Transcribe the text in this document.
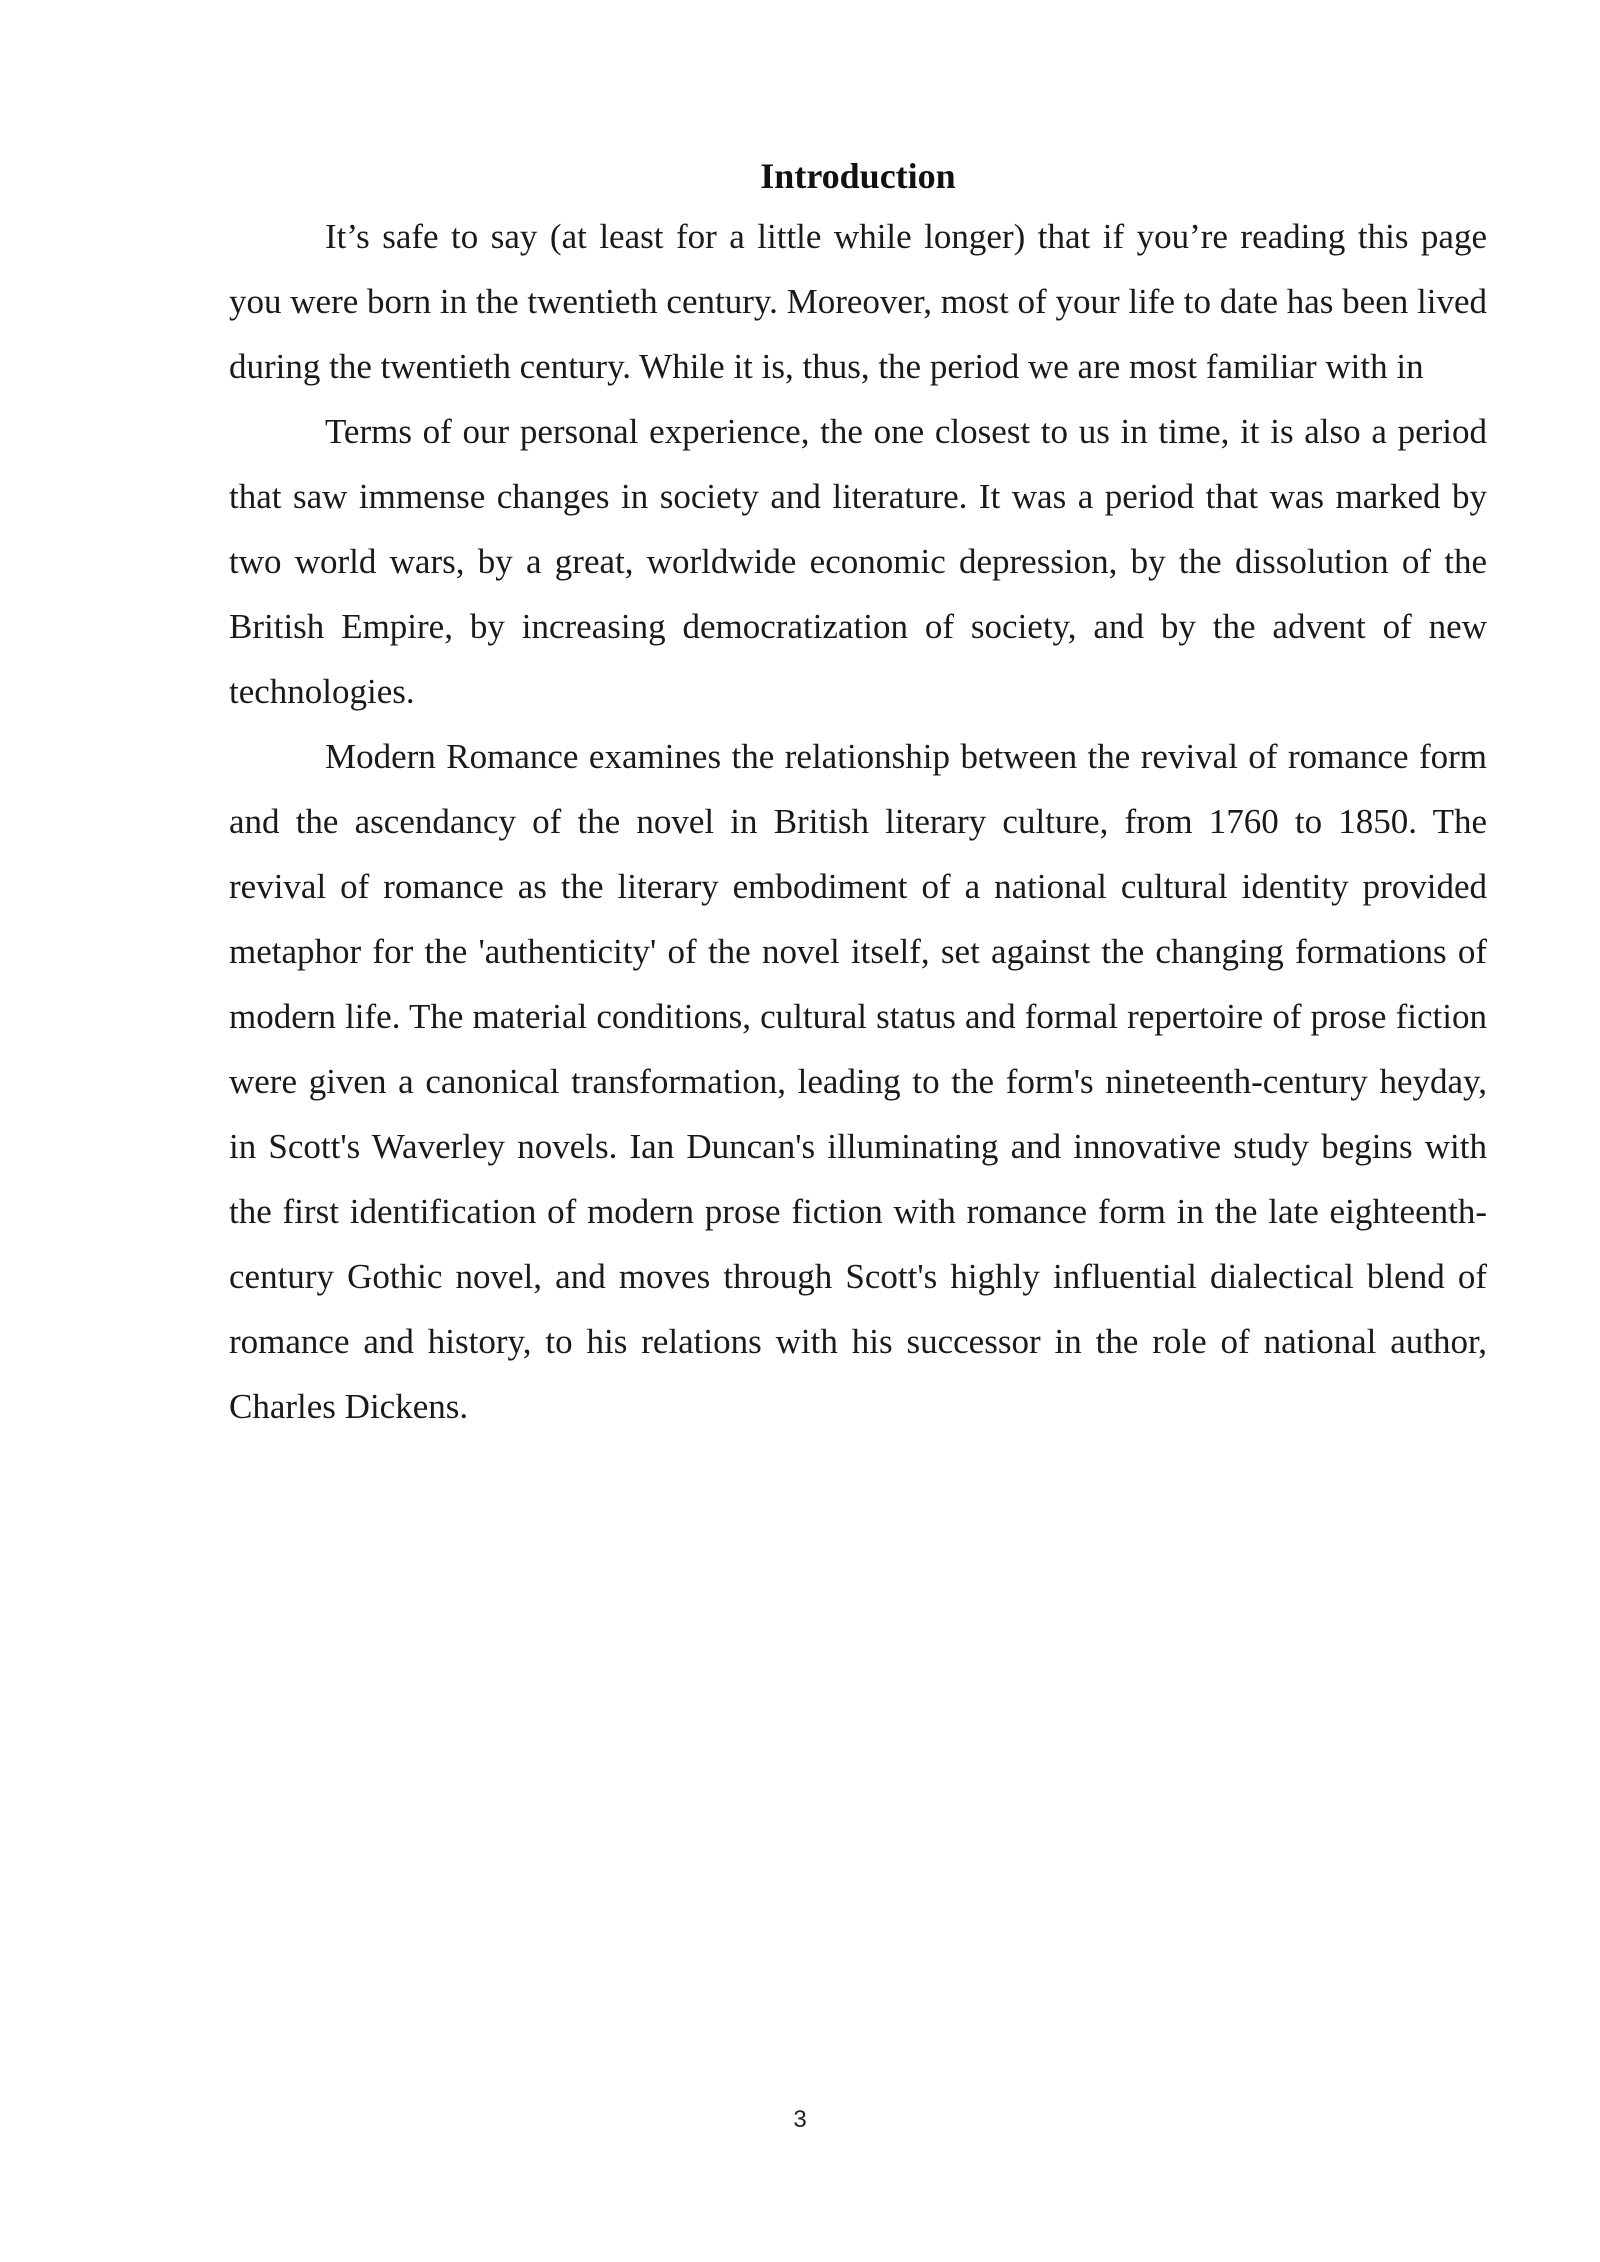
Introduction

It’s safe to say (at least for a little while longer) that if you’re reading this page you were born in the twentieth century. Moreover, most of your life to date has been lived during the twentieth century. While it is, thus, the period we are most familiar with in

Terms of our personal experience, the one closest to us in time, it is also a period that saw immense changes in society and literature. It was a period that was marked by two world wars, by a great, worldwide economic depression, by the dissolution of the British Empire, by increasing democratization of society, and by the advent of new technologies.

Modern Romance examines the relationship between the revival of romance form and the ascendancy of the novel in British literary culture, from 1760 to 1850. The revival of romance as the literary embodiment of a national cultural identity provided metaphor for the 'authenticity' of the novel itself, set against the changing formations of modern life. The material conditions, cultural status and formal repertoire of prose fiction were given a canonical transformation, leading to the form's nineteenth-century heyday, in Scott's Waverley novels. Ian Duncan's illuminating and innovative study begins with the first identification of modern prose fiction with romance form in the late eighteenth-century Gothic novel, and moves through Scott's highly influential dialectical blend of romance and history, to his relations with his successor in the role of national author, Charles Dickens.

3
